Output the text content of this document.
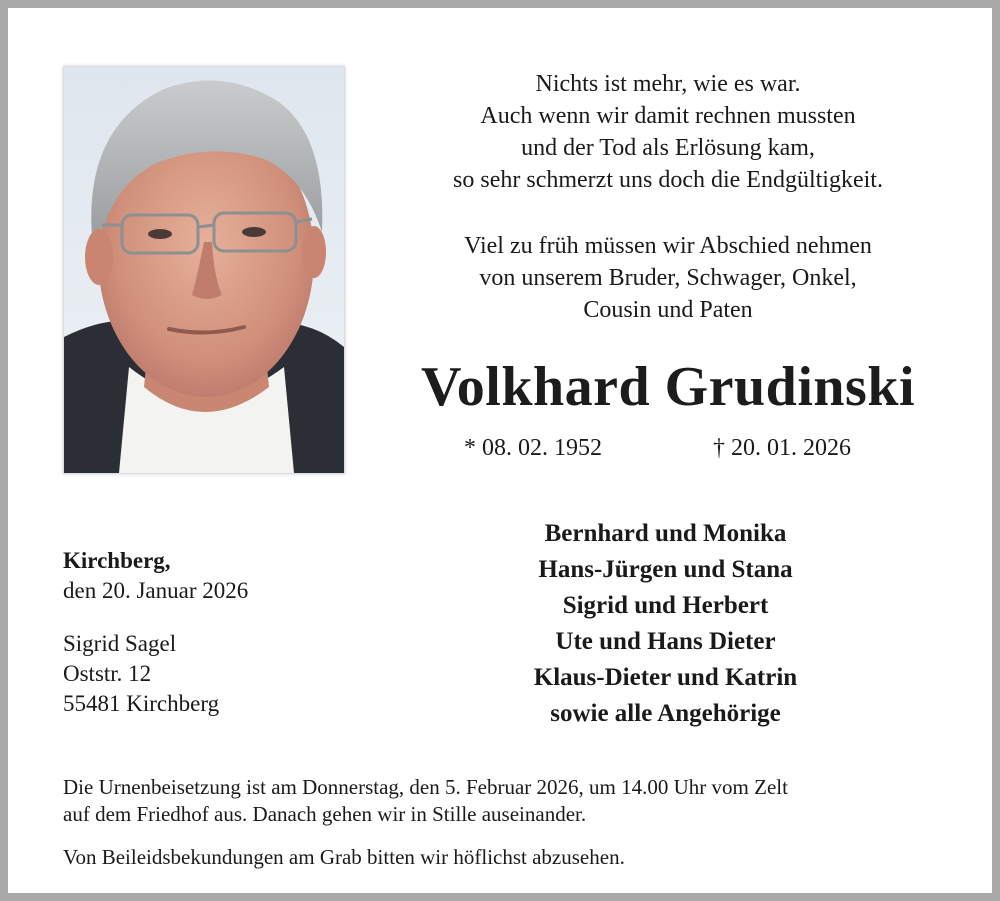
Nichts ist mehr, wie es war.
Auch wenn wir damit rechnen mussten
und der Tod als Erlösung kam,
so sehr schmerzt uns doch die Endgültigkeit.
Viel zu früh müssen wir Abschied nehmen
von unserem Bruder, Schwager, Onkel,
Cousin und Paten
Volkhard Grudinski
* 08. 02. 1952	† 20. 01. 2026
Kirchberg,
den 20. Januar 2026
Sigrid Sagel
Oststr. 12
55481 Kirchberg
Bernhard und Monika
Hans-Jürgen und Stana
Sigrid und Herbert
Ute und Hans Dieter
Klaus-Dieter und Katrin
sowie alle Angehörige
Die Urnenbeisetzung ist am Donnerstag, den 5. Februar 2026, um 14.00 Uhr vom Zelt
auf dem Friedhof aus. Danach gehen wir in Stille auseinander.
Von Beileidsbekundungen am Grab bitten wir höflichst abzusehen.
